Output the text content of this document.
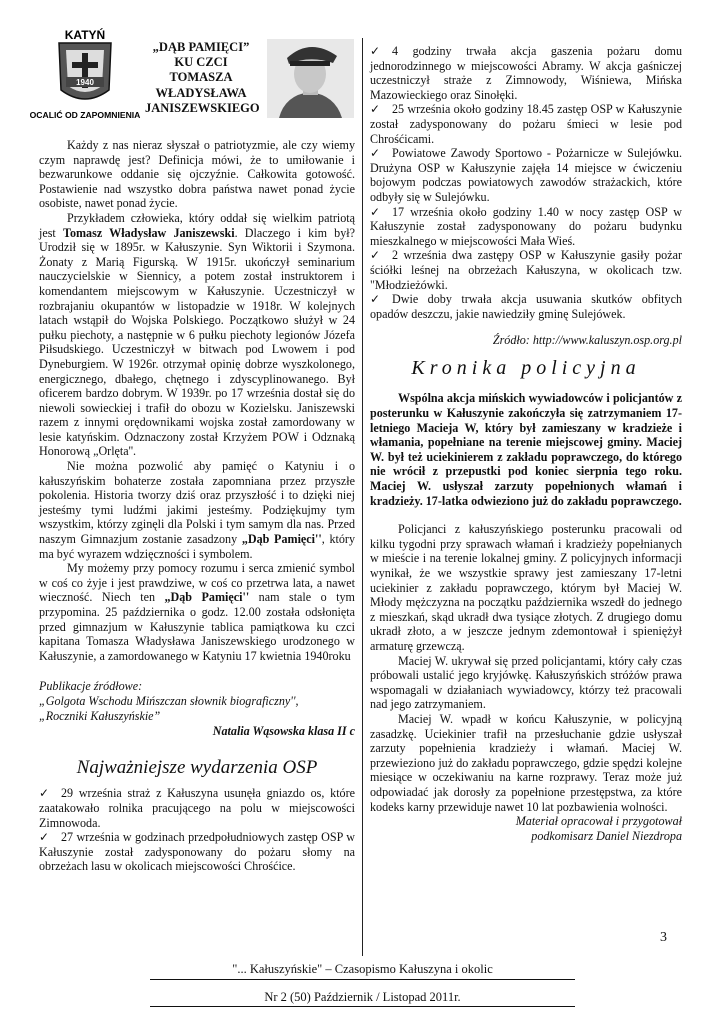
KATYŃ
1940
OCALIĆ OD ZAPOMNIENIA
„DĄB PAMIĘCI”
KU CZCI
TOMASZA
WŁADYSŁAWA
JANISZEWSKIEGO

Każdy z nas nieraz słyszał o patriotyzmie, ale czy wiemy czym naprawdę jest? Definicja mówi, że to umiłowanie i bezwarunkowe oddanie się ojczyźnie. Całkowita gotowość. Postawienie nad wszystko dobra państwa nawet ponad życie osobiste, nawet ponad życie.

Przykładem człowieka, który oddał się wielkim patriotą jest Tomasz Władysław Janiszewski. Dlaczego i kim był? Urodził się w 1895r. w Kałuszynie. Syn Wiktorii i Szymona. Żonaty z Marią Figurską. W 1915r. ukończył seminarium nauczycielskie w Siennicy, a potem został instruktorem i komendantem miejscowym w Kałuszynie. Uczestniczył w rozbrajaniu okupantów w listopadzie w 1918r. W kolejnych latach wstąpił do Wojska Polskiego. Początkowo służył w 24 pułku piechoty, a następnie w 6 pułku piechoty legionów Józefa Piłsudskiego. Uczestniczył w bitwach pod Lwowem i pod Dyneburgiem. W 1926r. otrzymał opinię dobrze wyszkolonego, energicznego, dbałego, chętnego i zdyscyplinowanego. Był oficerem bardzo dobrym. W 1939r. po 17 września dostał się do niewoli sowieckiej i trafił do obozu w Kozielsku. Janiszewski razem z innymi orędownikami wojska został zamordowany w lesie katyńskim. Odznaczony został Krzyżem POW i Odznaką Honorową „Orlęta''.

Nie można pozwolić aby pamięć o Katyniu i o kałuszyńskim bohaterze została zapomniana przez przyszłe pokolenia. Historia tworzy dziś oraz przyszłość i to dzięki niej jesteśmy tymi ludźmi jakimi jesteśmy. Podziękujmy tym wszystkim, którzy zginęli dla Polski i tym samym dla nas. Przed naszym Gimnazjum zostanie zasadzony „Dąb Pamięci'', który ma być wyrazem wdzięczności i symbolem.

My możemy przy pomocy rozumu i serca zmienić symbol w coś co żyje i jest prawdziwe, w coś co przetrwa lata, a nawet wieczność. Niech ten „Dąb Pamięci'' nam stale o tym przypomina. 25 października o godz. 12.00 została odsłonięta przed gimnazjum w Kałuszynie tablica pamiątkowa ku czci kapitana Tomasza Władysława Janiszewskiego urodzonego w Kałuszynie, a zamordowanego w Katyniu 17 kwietnia 1940roku

Publikacje źródłowe:
„Golgota Wschodu Mińszczan słownik biograficzny'',
„Roczniki Kałuszyńskie”
Natalia Wąsowska klasa II c
Najważniejsze wydarzenia OSP

✓ 29 września straż z Kałuszyna usunęła gniazdo os, które zaatakowało rolnika pracującego na polu w miejscowości Zimnowoda.

✓ 27 września w godzinach przedpołudniowych zastęp OSP w Kałuszynie został zadysponowany do pożaru słomy na obrzeżach lasu w okolicach miejscowości Chrośćice.

✓ 4 godziny trwała akcja gaszenia pożaru domu jednorodzinnego w miejscowości Abramy. W akcja gaśniczej uczestniczył straże z Zimnowody, Wiśniewa, Mińska Mazowieckiego oraz Sinołęki.

✓ 25 września około godziny 18.45 zastęp OSP w Kałuszynie został zadysponowany do pożaru śmieci w lesie pod Chrośćicami.

✓ Powiatowe Zawody Sportowo - Pożarnicze w Sulejówku. Drużyna OSP w Kałuszynie zajęła 14 miejsce w ćwiczeniu bojowym podczas powiatowych zawodów strażackich, które odbyły się w Sulejówku.

✓ 17 września około godziny 1.40 w nocy zastęp OSP w Kałuszynie został zadysponowany do pożaru budynku mieszkalnego w miejscowości Mała Wieś.

✓ 2 września dwa zastępy OSP w Kałuszynie gasiły pożar ściółki leśnej na obrzeżach Kałuszyna, w okolicach tzw. "Młodzieżówki.

✓ Dwie doby trwała akcja usuwania skutków obfitych opadów deszczu, jakie nawiedziły gminę Sulejówek.

Źródło: http://www.kaluszyn.osp.org.pl
Kronika policyjna

Wspólna akcja mińskich wywiadowców i policjantów z posterunku w Kałuszynie zakończyła się zatrzymaniem 17-letniego Macieja W, który był zamieszany w kradzieże i włamania, popełniane na terenie miejscowej gminy. Maciej W. był też uciekinierem z zakładu poprawczego, do którego nie wrócił z przepustki pod koniec sierpnia tego roku. Maciej W. usłyszał zarzuty popełnionych włamań i kradzieży. 17-latka odwieziono już do zakładu poprawczego.

Policjanci z kałuszyńskiego posterunku pracowali od kilku tygodni przy sprawach włamań i kradzieży popełnianych w mieście i na terenie lokalnej gminy. Z policyjnych informacji wynikał, że we wszystkie sprawy jest zamieszany 17-letni uciekinier z zakładu poprawczego, którym był Maciej W. Młody mężczyzna na początku października wszedł do jednego z mieszkań, skąd ukradł dwa tysiące złotych. Z drugiego domu ukradł złoto, a w jeszcze jednym zdemontował i spieniężył armaturę grzewczą.

Maciej W. ukrywał się przed policjantami, który cały czas próbowali ustalić jego kryjówkę. Kałuszyńskich stróżów prawa wspomagali w działaniach wywiadowcy, którzy też pracowali nad jego zatrzymaniem.

Maciej W. wpadł w końcu Kałuszynie, w policyjną zasadzkę. Uciekinier trafił na przesłuchanie gdzie usłyszał zarzuty popełnienia kradzieży i włamań. Maciej W. przewieziono już do zakładu poprawczego, gdzie spędzi kolejne miesiące w oczekiwaniu na karne rozprawy. Teraz może już odpowiadać jak dorosły za popełnione przestępstwa, za które kodeks karny przewiduje nawet 10 lat pozbawienia wolności.

Materiał opracował i przygotował
podkomisarz Daniel Niezdropa
3
"... Kałuszyńskie" – Czasopismo Kałuszyna i okolic
Nr 2 (50) Październik / Listopad 2011r.
